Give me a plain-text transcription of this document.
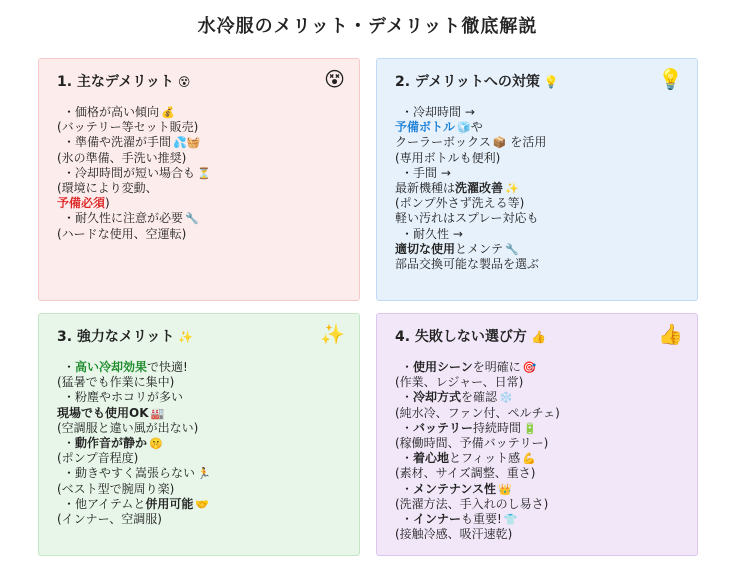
水冷服のメリット・デメリット徹底解説
1. 主なデメリット 😵	😵
・価格が高い傾向 💰
(バッテリー等セット販売)
・準備や洗濯が手間 💦🧺
(氷の準備、手洗い推奨)
・冷却時間が短い場合も ⏳
(環境により変動、
予備必須)
・耐久性に注意が必要 🔧
(ハードな使用、空運転)
2. デメリットへの対策 💡	💡
・冷却時間 →
予備ボトル 🧊や
クーラーボックス 📦 を活用
(専用ボトルも便利)
・手間 →
最新機種は洗濯改善 ✨
(ポンプ外さず洗える等)
軽い汚れはスプレー対応も
・耐久性 →
適切な使用とメンテ 🔧
部品交換可能な製品を選ぶ
3. 強力なメリット ✨	✨
・高い冷却効果で快適!
(猛暑でも作業に集中)
・粉塵やホコリが多い
現場でも使用OK 🏭
(空調服と違い風が出ない)
・動作音が静か 🤫
(ポンプ音程度)
・動きやすく嵩張らない 🏃
(ベスト型で腕周り楽)
・他アイテムと併用可能 🤝
(インナー、空調服)
4. 失敗しない選び方 👍	👍
・使用シーンを明確に 🎯
(作業、レジャー、日常)
・冷却方式を確認 ❄️
(純水冷、ファン付、ペルチェ)
・バッテリー持続時間 🔋
(稼働時間、予備バッテリー)
・着心地とフィット感 💪
(素材、サイズ調整、重さ)
・メンテナンス性 👑
(洗濯方法、手入れのし易さ)
・インナーも重要! 👕
(接触冷感、吸汗速乾)
